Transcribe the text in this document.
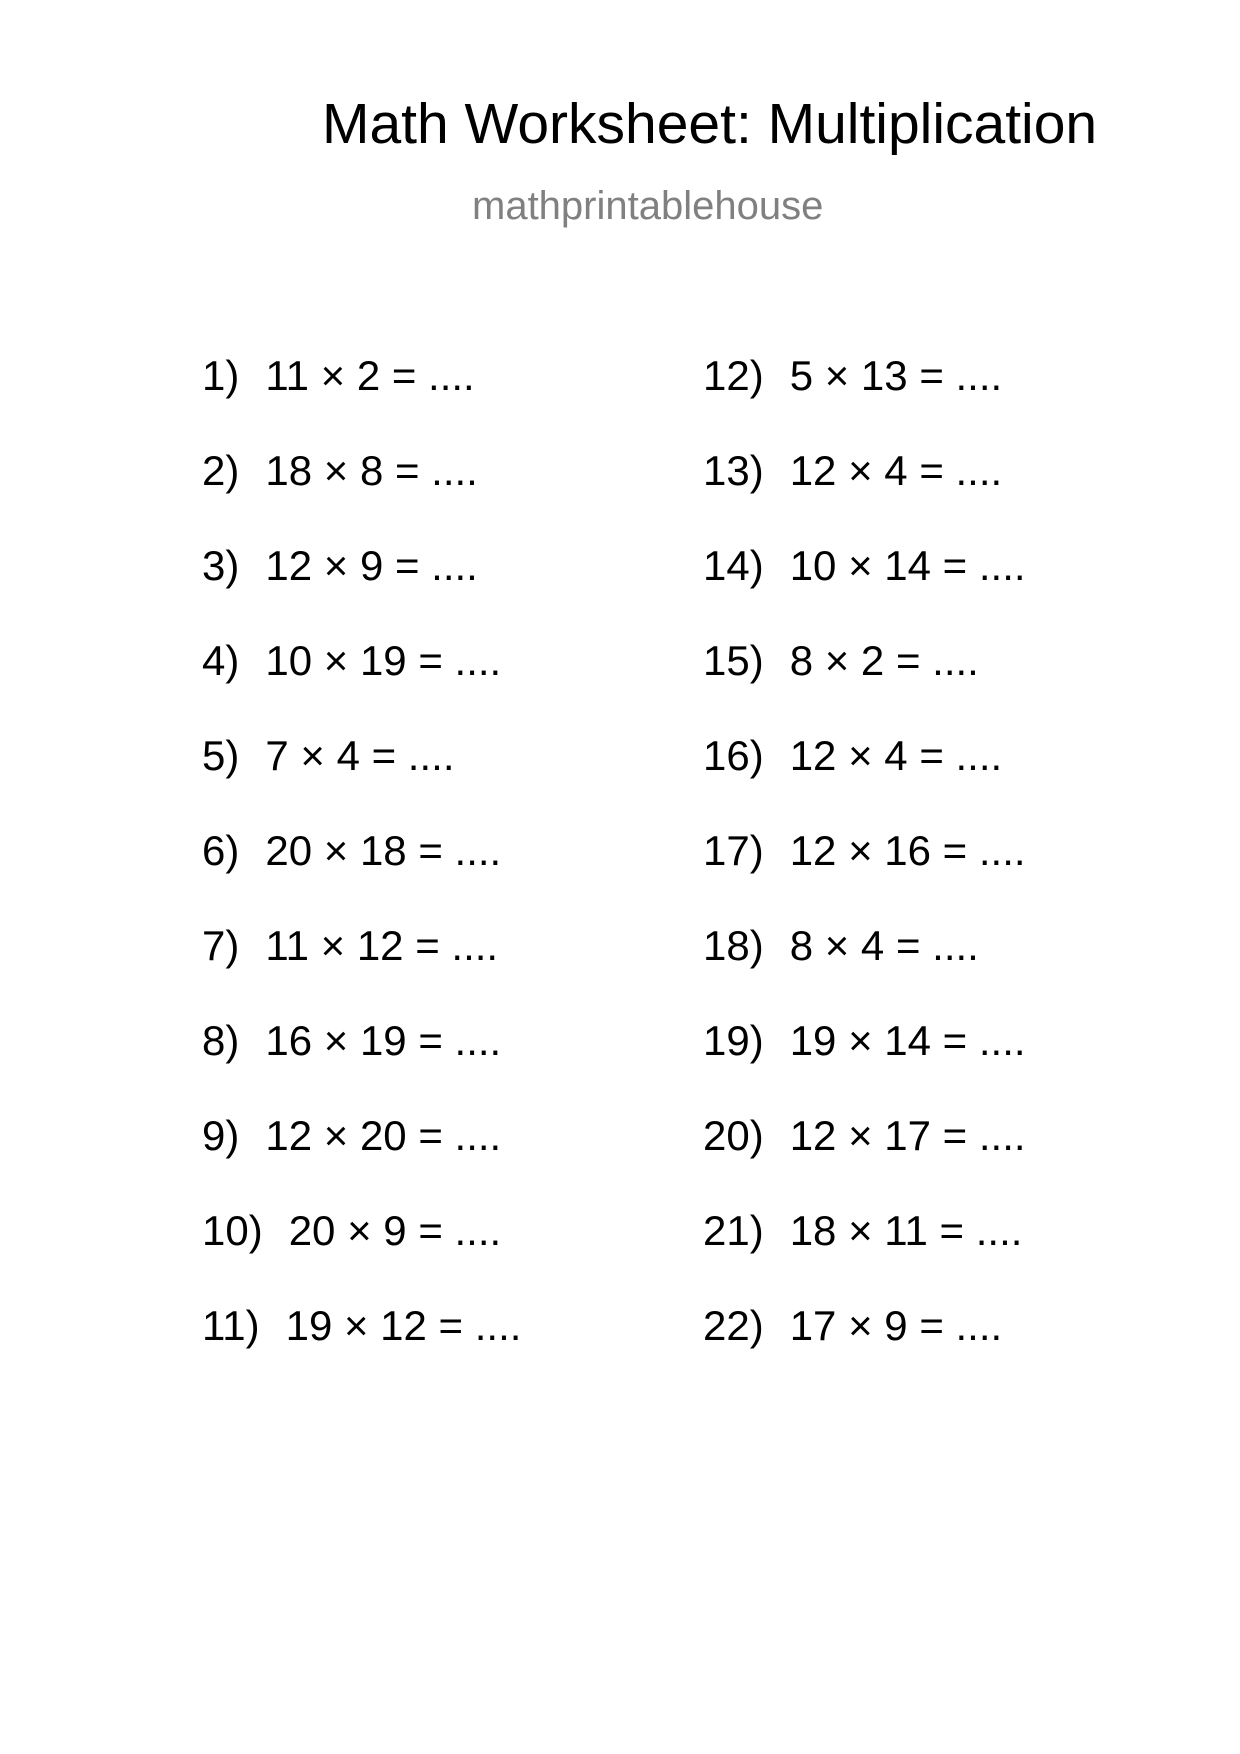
Math Worksheet: Multiplication
mathprintablehouse
1) 11 × 2 = ....
2) 18 × 8 = ....
3) 12 × 9 = ....
4) 10 × 19 = ....
5) 7 × 4 = ....
6) 20 × 18 = ....
7) 11 × 12 = ....
8) 16 × 19 = ....
9) 12 × 20 = ....
10) 20 × 9 = ....
11) 19 × 12 = ....
12) 5 × 13 = ....
13) 12 × 4 = ....
14) 10 × 14 = ....
15) 8 × 2 = ....
16) 12 × 4 = ....
17) 12 × 16 = ....
18) 8 × 4 = ....
19) 19 × 14 = ....
20) 12 × 17 = ....
21) 18 × 11 = ....
22) 17 × 9 = ....
